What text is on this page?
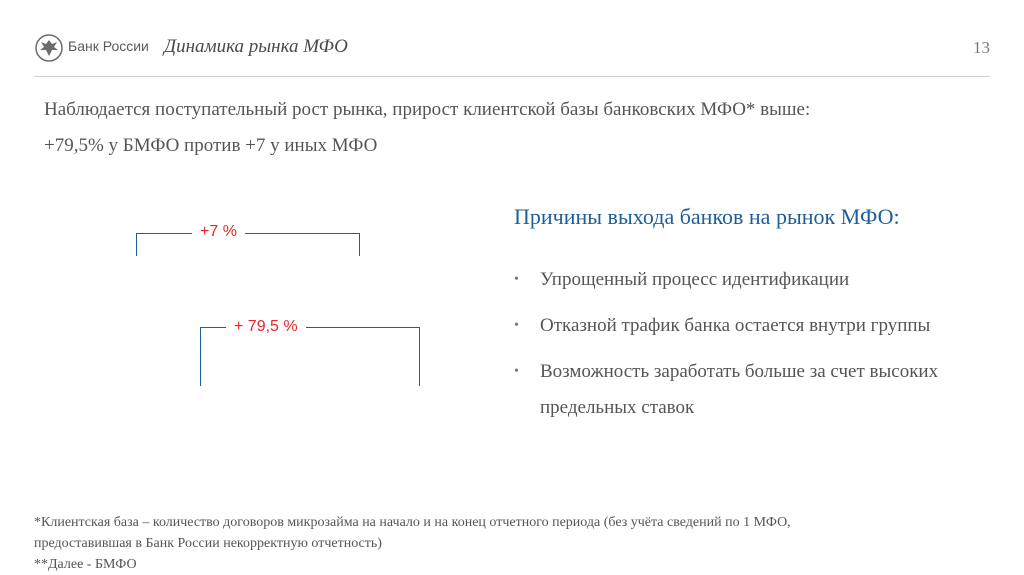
Банк России Динамика рынка МФО	13
Наблюдается поступательный рост рынка, прирост клиентской базы банковских МФО* выше:
+79,5% у БМФО против +7 у иных МФО
+7 %
+ 79,5 %
Причины выхода банков на рынок МФО:
• Упрощенный процесс идентификации
• Отказной трафик банка остается внутри группы
• Возможность заработать больше за счет высоких предельных ставок
*Клиентская база – количество договоров микрозайма на начало и на конец отчетного периода (без учёта сведений по 1 МФО,
предоставившая в Банк России некорректную отчетность)
**Далее - БМФО
